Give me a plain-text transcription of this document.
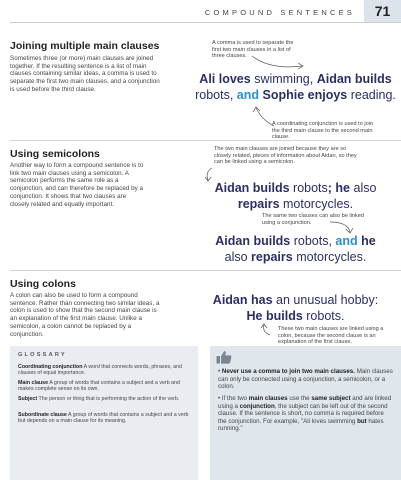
COMPOUND SENTENCES	71
Joining multiple main clauses
Sometimes three (or more) main clauses are joined together. If the resulting sentence is a list of main clauses containing similar ideas, a comma is used to separate the first two main clauses, and a conjunction is used before the third clause.
A comma is used to separate the first two main clauses in a list of three clauses.
Ali loves swimming, Aidan builds
robots, and Sophie enjoys reading.
A coordinating conjunction is used to join the third main clause to the second main clause.
Using semicolons
Another way to form a compound sentence is to link two main clauses using a semicolon. A semicolon performs the same role as a conjunction, and can therefore be replaced by a conjunction. It shows that two clauses are closely related and equally important.
The two main clauses are joined because they are so closely related, pieces of information about Aidan, so they can be linked using a semicolon.
Aidan builds robots; he also
repairs motorcycles.
The same two clauses can also be linked using a conjunction.
Aidan builds robots, and he
also repairs motorcycles.
Using colons
A colon can also be used to form a compound sentence. Rather than connecting two similar ideas, a colon is used to show that the second main clause is an explanation of the first main clause. Unlike a semicolon, a colon cannot be replaced by a conjunction.
Aidan has an unusual hobby:
He builds robots.
These two main clauses are linked using a colon, because the second clause is an explanation of the first clause.
GLOSSARY
Coordinating conjunction A word that connects words, phrases, and clauses of equal importance.
Main clause A group of words that contains a subject and a verb and makes complete sense on its own.
Subject The person or thing that is performing the action of the verb.
Subordinate clause A group of words that contains a subject and a verb but depends on a main clause for its meaning.
• Never use a comma to join two main clauses. Main clauses can only be connected using a conjunction, a semicolon, or a colon.
• If the two main clauses use the same subject and are linked using a conjunction, the subject can be left out of the second clause. If the sentence is short, no comma is required before the conjunction. For example, "Ali loves swimming but hates running."
